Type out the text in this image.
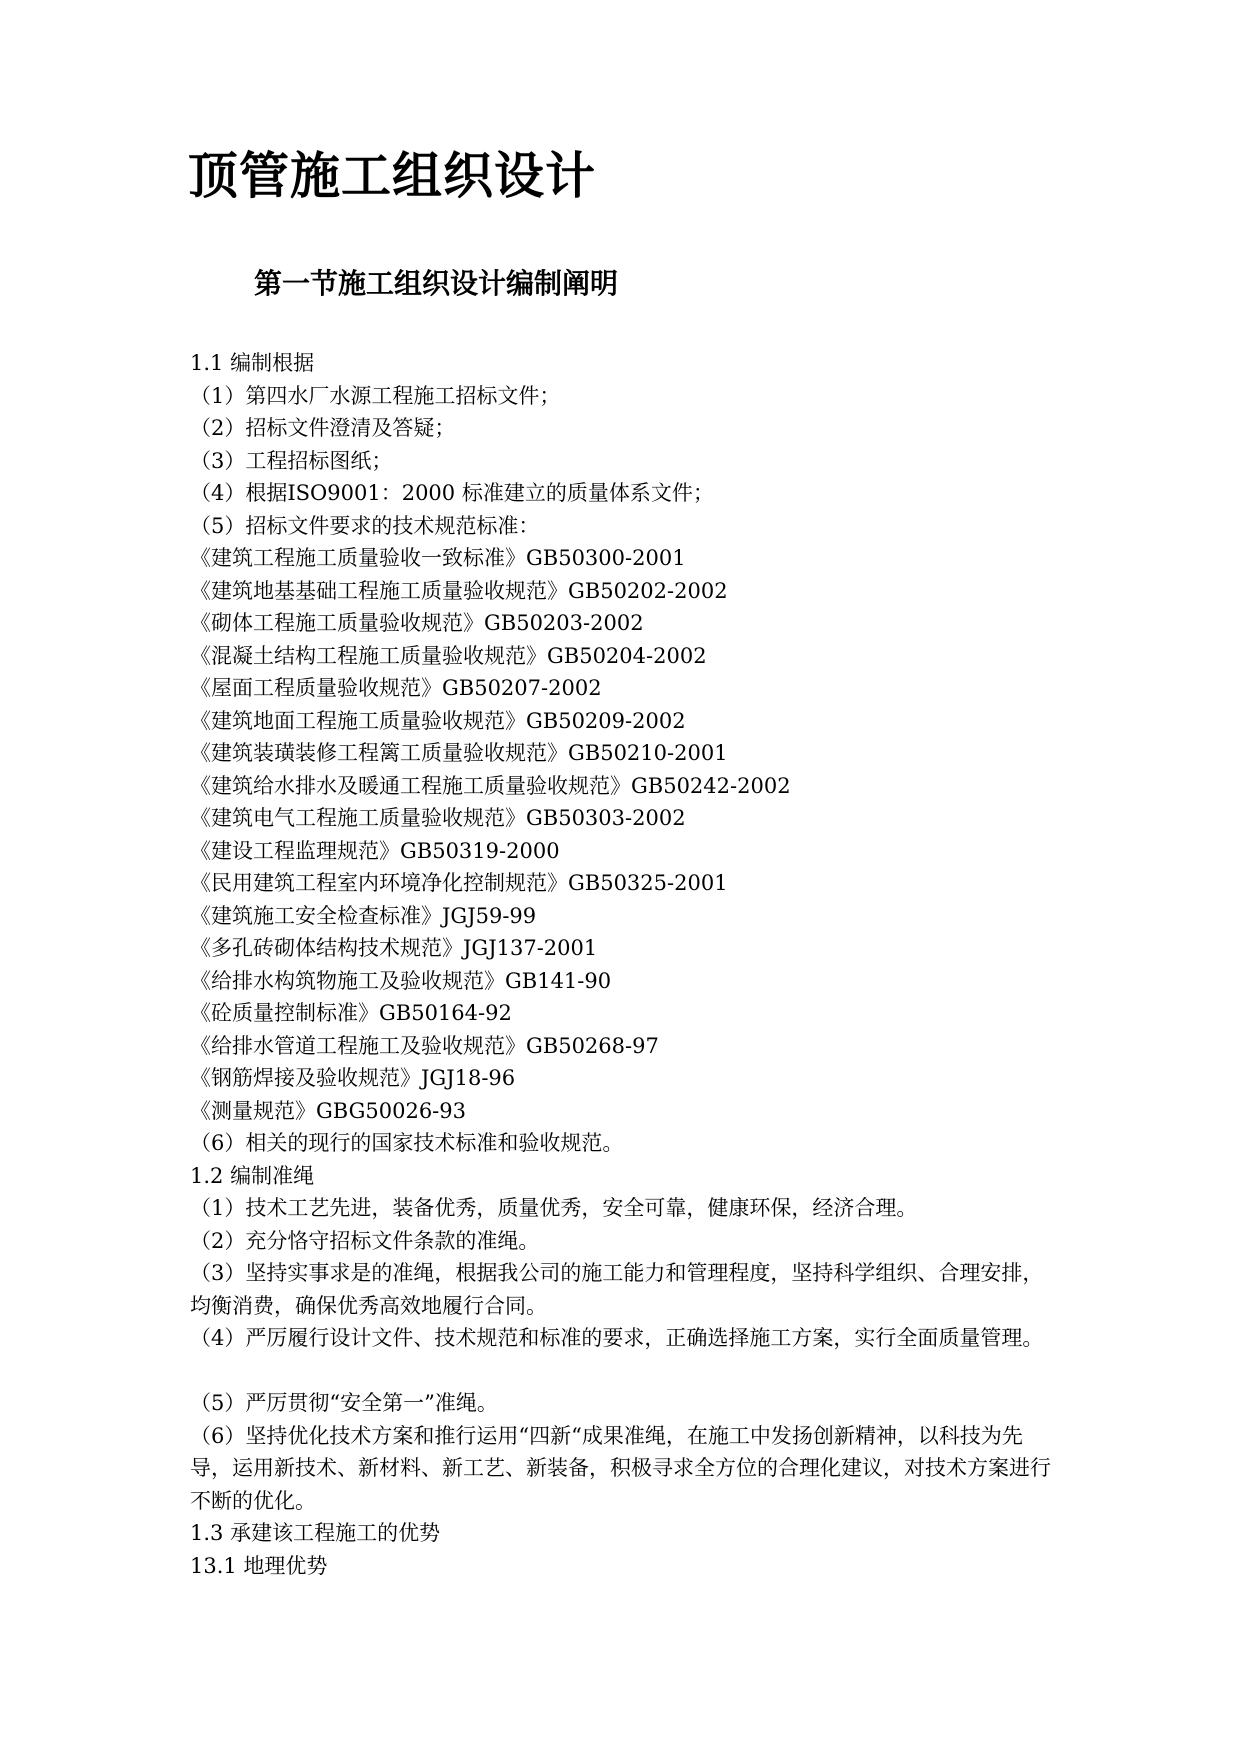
顶管施工组织设计
第一节施工组织设计编制阐明
1.1 编制根据
（1）第四水厂水源工程施工招标文件；
（2）招标文件澄清及答疑；
（3）工程招标图纸；
（4）根据ISO9001：2000 标准建立的质量体系文件；
（5）招标文件要求的技术规范标准：
《建筑工程施工质量验收一致标准》GB50300-2001
《建筑地基基础工程施工质量验收规范》GB50202-2002
《砌体工程施工质量验收规范》GB50203-2002
《混凝土结构工程施工质量验收规范》GB50204-2002
《屋面工程质量验收规范》GB50207-2002
《建筑地面工程施工质量验收规范》GB50209-2002
《建筑装璜装修工程篱工质量验收规范》GB50210-2001
《建筑给水排水及暖通工程施工质量验收规范》GB50242-2002
《建筑电气工程施工质量验收规范》GB50303-2002
《建设工程监理规范》GB50319-2000
《民用建筑工程室内环境净化控制规范》GB50325-2001
《建筑施工安全检查标准》JGJ59-99
《多孔砖砌体结构技术规范》JGJ137-2001
《给排水构筑物施工及验收规范》GB141-90
《砼质量控制标准》GB50164-92
《给排水管道工程施工及验收规范》GB50268-97
《钢筋焊接及验收规范》JGJ18-96
《测量规范》GBG50026-93
（6）相关的现行的国家技术标准和验收规范。
1.2 编制准绳
（1）技术工艺先进，装备优秀，质量优秀，安全可靠，健康环保，经济合理。
（2）充分恪守招标文件条款的准绳。
（3）坚持实事求是的准绳，根据我公司的施工能力和管理程度，坚持科学组织、合理安排，均衡消费，确保优秀高效地履行合同。
（4）严厉履行设计文件、技术规范和标准的要求，正确选择施工方案，实行全面质量管理。
（5）严厉贯彻“安全第一”准绳。
（6）坚持优化技术方案和推行运用“四新“成果准绳，在施工中发扬创新精神，以科技为先导，运用新技术、新材料、新工艺、新装备，积极寻求全方位的合理化建议，对技术方案进行不断的优化。
1.3 承建该工程施工的优势
13.1 地理优势
